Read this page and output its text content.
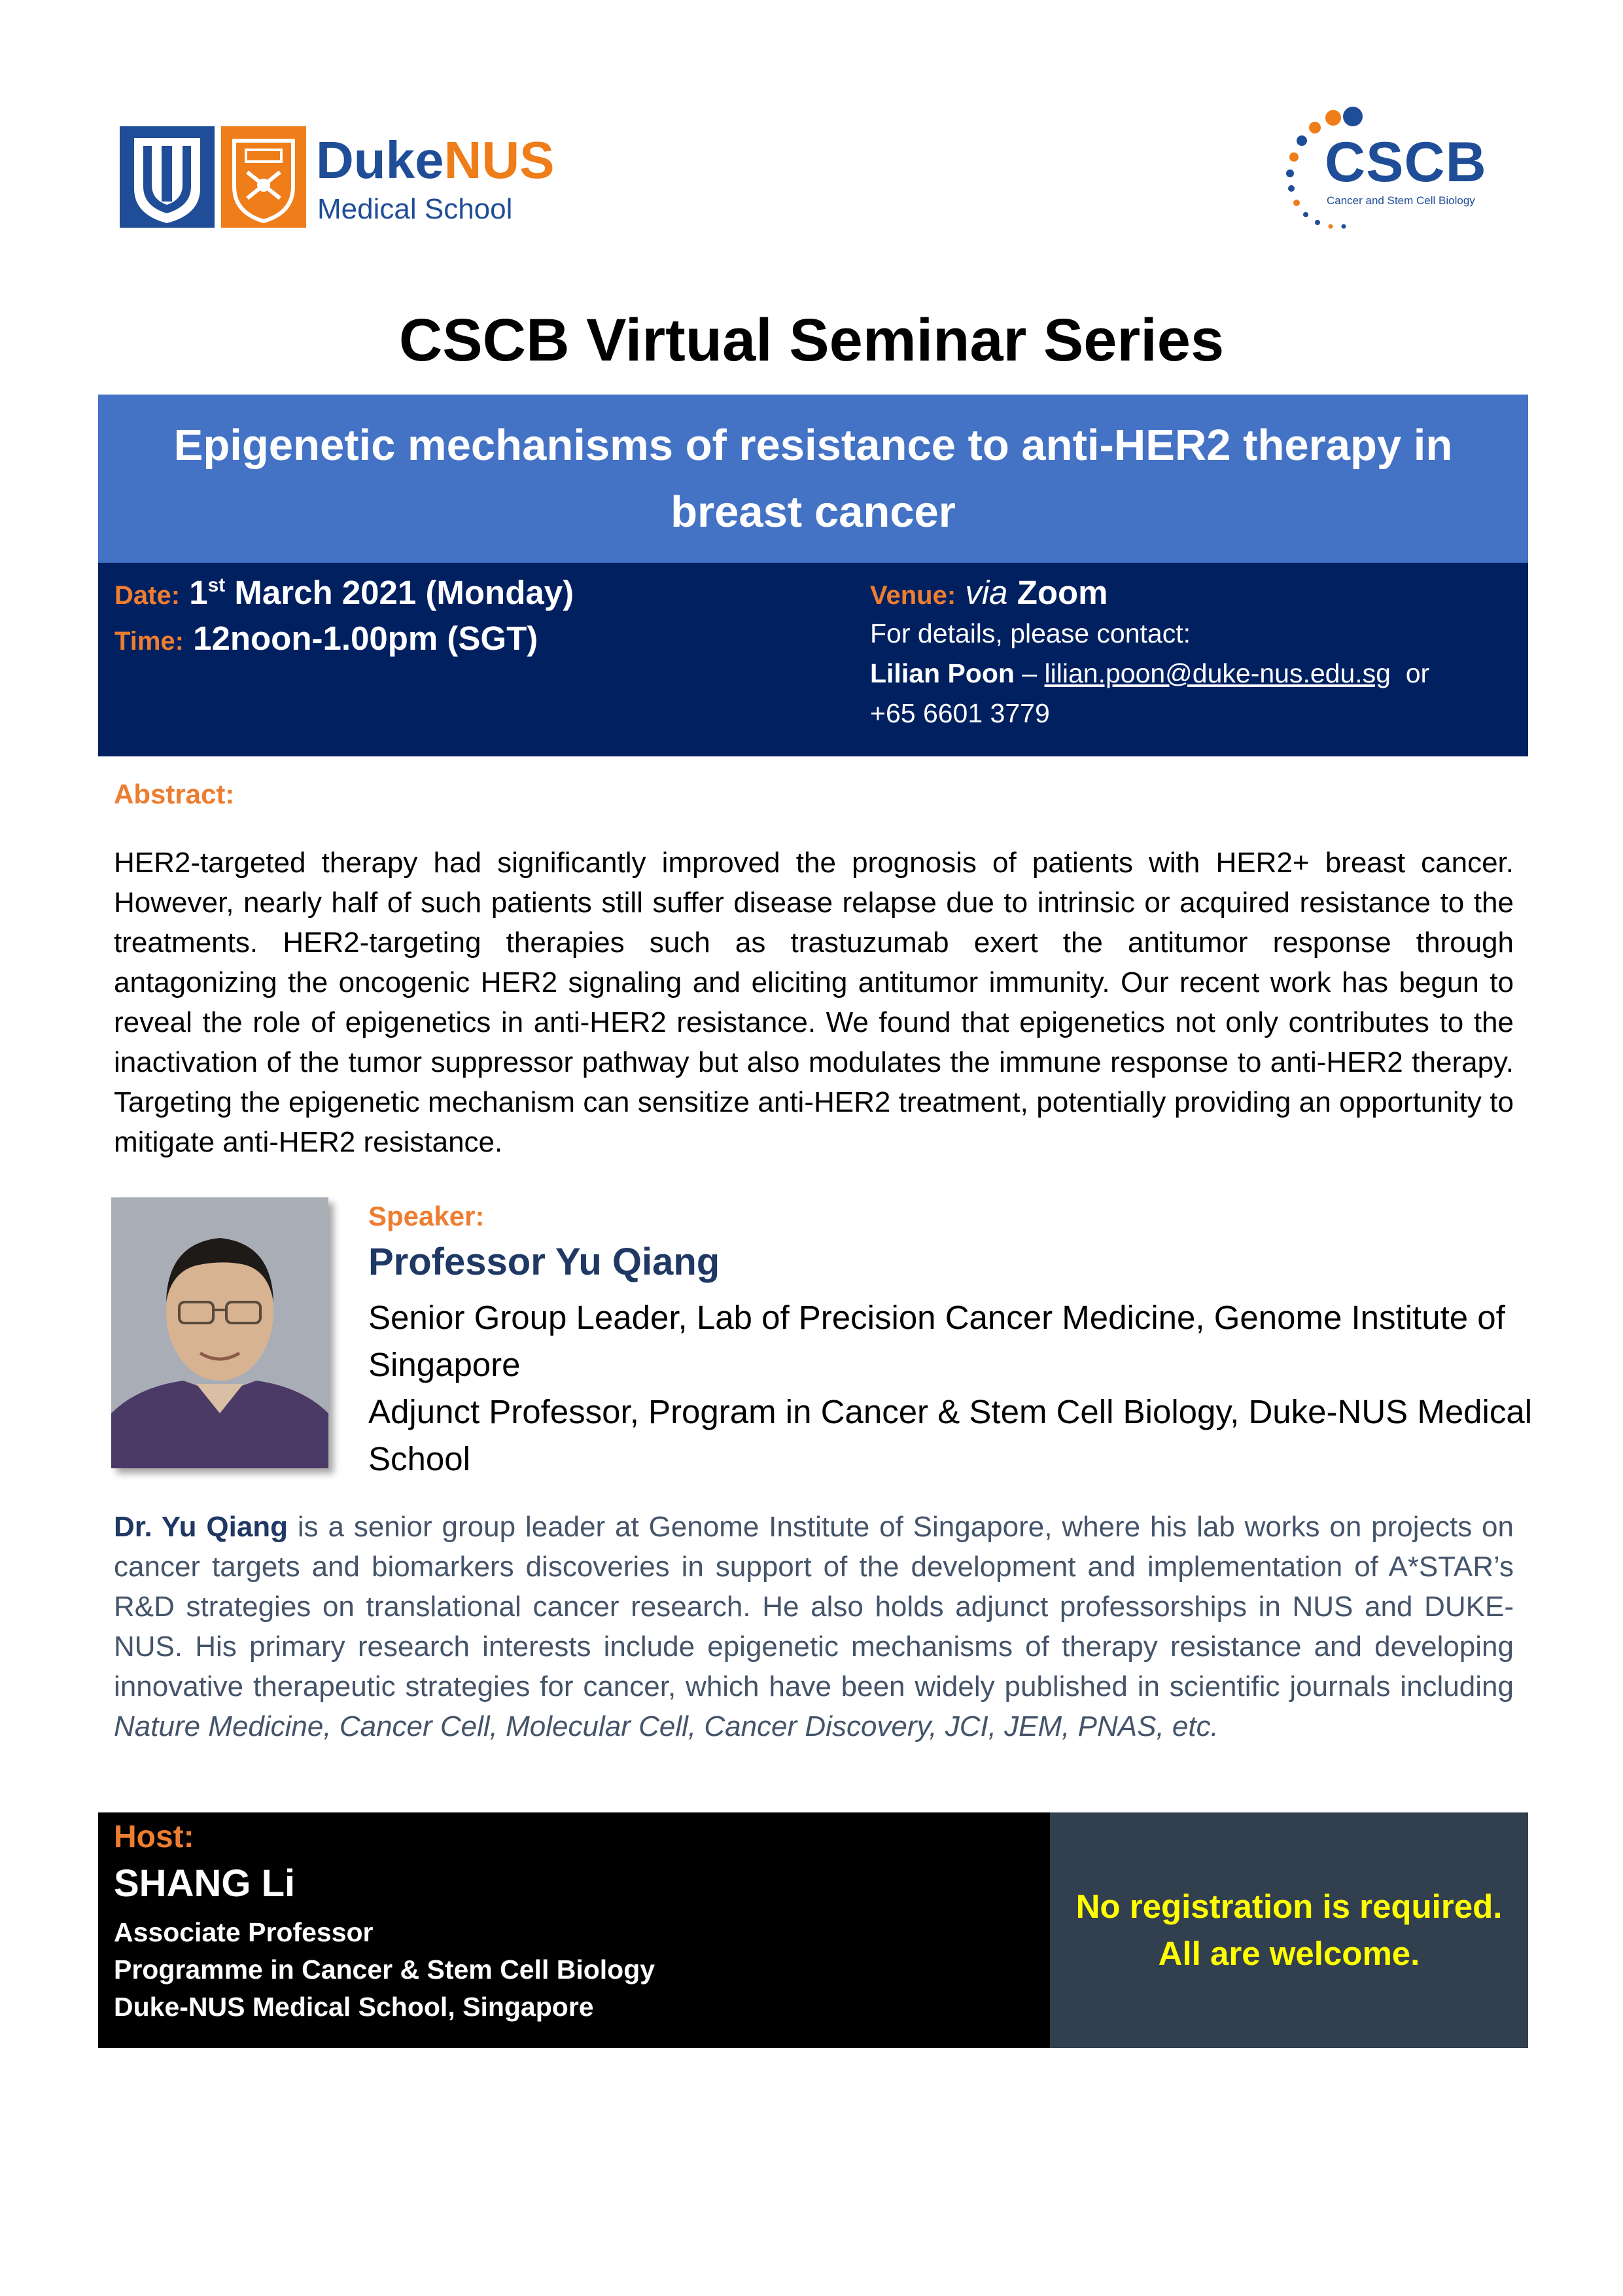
DukeNUS
Medical School
CSCB
Cancer and Stem Cell Biology
CSCB Virtual Seminar Series
Epigenetic mechanisms of resistance to anti-HER2 therapy in breast cancer
Date: 1st March 2021 (Monday)
Time: 12noon-1.00pm (SGT)
Venue: via Zoom
For details, please contact:
Lilian Poon – lilian.poon@duke-nus.edu.sg  or
+65 6601 3779
Abstract:
HER2-targeted therapy had significantly improved the prognosis of patients with HER2+ breast cancer. However, nearly half of such patients still suffer disease relapse due to intrinsic or acquired resistance to the treatments. HER2-targeting therapies such as trastuzumab exert the antitumor response through antagonizing the oncogenic HER2 signaling and eliciting antitumor immunity. Our recent work has begun to reveal the role of epigenetics in anti-HER2 resistance. We found that epigenetics not only contributes to the inactivation of the tumor suppressor pathway but also modulates the immune response to anti-HER2 therapy. Targeting the epigenetic mechanism can sensitize anti-HER2 treatment, potentially providing an opportunity to mitigate anti-HER2 resistance.
Speaker:
Professor Yu Qiang
Senior Group Leader, Lab of Precision Cancer Medicine, Genome Institute of Singapore
Adjunct Professor, Program in Cancer & Stem Cell Biology, Duke-NUS Medical School
Dr. Yu Qiang is a senior group leader at Genome Institute of Singapore, where his lab works on projects on cancer targets and biomarkers discoveries in support of the development and implementation of A*STAR’s R&D strategies on translational cancer research. He also holds adjunct professorships in NUS and DUKE-NUS. His primary research interests include epigenetic mechanisms of therapy resistance and developing innovative therapeutic strategies for cancer, which have been widely published in scientific journals including Nature Medicine, Cancer Cell, Molecular Cell, Cancer Discovery, JCI, JEM, PNAS, etc.
Host:
SHANG Li
Associate Professor
Programme in Cancer & Stem Cell Biology
Duke-NUS Medical School, Singapore
No registration is required.
All are welcome.
